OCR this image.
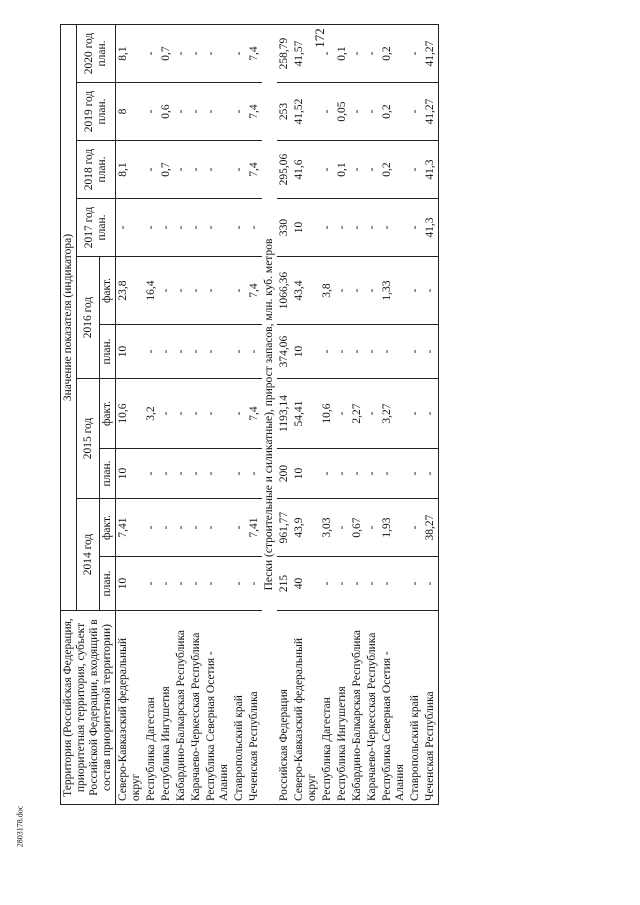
172
2803178.doc
Территория (Российская Федерация, приоритетная территория, субъект Российской Федерации, входящий в состав приоритетной территории)	Значение показателя (индикатора)									
	2014 год		2015 год		2016 год		2017 год план.	2018 год план.	2019 год план.	2020 год план.
	план.	факт.	план.	факт.	план.	факт.				
Северо-Кавказский федеральный округ	10	7,41	10	10,6	10	23,8	-	8,1	8	8,1
Республика Дагестан	-	-	-	3,2	-	16,4	-	-	-	-
Республика Ингушетия	-	-	-	-	-	-	-	0,7	0,6	0,7
Кабардино-Балкарская Республика	-	-	-	-	-	-	-	-	-	-
Карачаево-Черкесская Республика	-	-	-	-	-	-	-	-	-	-
Республика Северная Осетия - Алания	-	-	-	-	-	-	-	-	-	-
Ставропольский край	-	-	-	-	-	-	-	-	-	-
Чеченская Республика	-	7,41	-	7,4	-	7,4	-	7,4	7,4	7,4
Пески (строительные и силикатные), прирост запасов, млн. куб. метров										
Российская Федерация	215	961,77	200	1193,14	374,06	1066,36	330	295,06	253	258,79
Северо-Кавказский федеральный округ	40	43,9	10	54,41	10	43,4	10	41,6	41,52	41,57
Республика Дагестан	-	3,03	-	10,6	-	3,8	-	-	-	-
Республика Ингушетия	-	-	-	-	-	-	-	0,1	0,05	0,1
Кабардино-Балкарская Республика	-	0,67	-	2,27	-	-	-	-	-	-
Карачаево-Черкесская Республика	-	-	-	-	-	-	-	-	-	-
Республика Северная Осетия - Алания	-	1,93	-	3,27	-	1,33	-	0,2	0,2	0,2
Ставропольский край	-	-	-	-	-	-	-	-	-	-
Чеченская Республика	-	38,27	-	-	-	-	41,3	41,3	41,27	41,27
